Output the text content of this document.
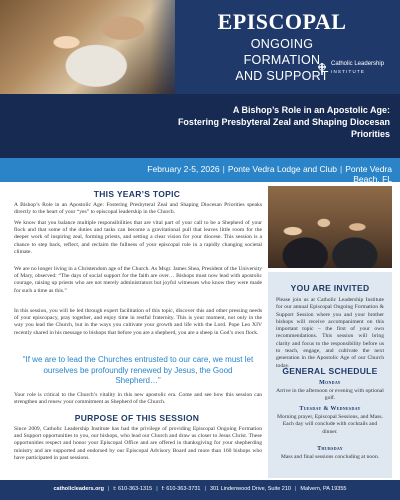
EPISCOPAL
ONGOING
FORMATION
AND SUPPORT
Catholic Leadership
INSTITUTE
A Bishop’s Role in an Apostolic Age:
Fostering Presbyteral Zeal and Shaping Diocesan Priorities
February 2-5, 2026 | Ponte Vedra Lodge and Club | Ponte Vedra Beach, FL
THIS YEAR’S TOPIC
A Bishop’s Role in an Apostolic Age: Fostering Presbyteral Zeal and Shaping Diocesan Priorities speaks directly to the heart of your “yes” to episcopal leadership in the Church.
We know that you balance multiple responsibilities that are vital part of your call to be a Shepherd of your flock and that some of the duties and tasks can become a gravitational pull that leaves little room for the deeper work of inspiring zeal, forming priests, and setting a clear vision for your diocese. This session is a chance to step back, reflect, and reclaim the fullness of your episcopal role in a rapidly changing societal climate.
We are no longer living in a Christendom age of the Church. As Msgr. James Shea, President of the University of Mary, observed: “The days of social support for the faith are over… Bishops must now lead with apostolic courage, raising up priests who are not merely administrators but joyful witnesses who know they were made for such a time as this.”
In this session, you will be led through expert facilitation of this topic, discover this and other pressing needs of your episcopacy, pray together, and enjoy time in restful fraternity. This is your moment, not only in the way you lead the Church, but in the ways you cultivate your growth and life with the Lord. Pope Leo XIV recently shared in his message to bishops that before you are a shepherd, you are a sheep in God’s own flock.
“If we are to lead the Churches entrusted to our care, we must let ourselves be profoundly renewed by Jesus, the Good Shepherd…”
Your role is critical to the Church’s vitality in this new apostolic era. Come and see how this session can strengthen and renew your commitment as Shepherd of the Church.
PURPOSE OF THIS SESSION
Since 2009, Catholic Leadership Institute has had the privilege of providing Episcopal Ongoing Formation and Support opportunities to you, our bishops, who lead our Church and draw us closer to Jesus Christ. These opportunities respect and honor your Episcopal Office and are offered in thanksgiving for your shepherding ministry and are supported and endorsed by our Episcopal Advisory Board and more than 160 bishops who have participated in past sessions.
YOU ARE INVITED
Please join us at Catholic Leadership Institute for our annual Episcopal Ongoing Formation & Support Session where you and your brother bishops will receive accompaniment on this important topic – the first of your own recommendations. This session will bring clarity and focus to the responsibility before us to teach, engage, and cultivate the next generation in the Apostolic Age of our Church today.
GENERAL SCHEDULE
Monday
Arrive in the afternoon or evening with optional golf.
Tuesday & Wednesday
Morning prayer, Episcopal Sessions, and Mass. Each day will conclude with cocktails and dinner.
Thursday
Mass and final sessions concluding at noon.
catholicleaders.org | t: 610-363-1315 | f: 610-363-3731 | 301 Lindenwood Drive, Suite 210 | Malvern, PA 19355
